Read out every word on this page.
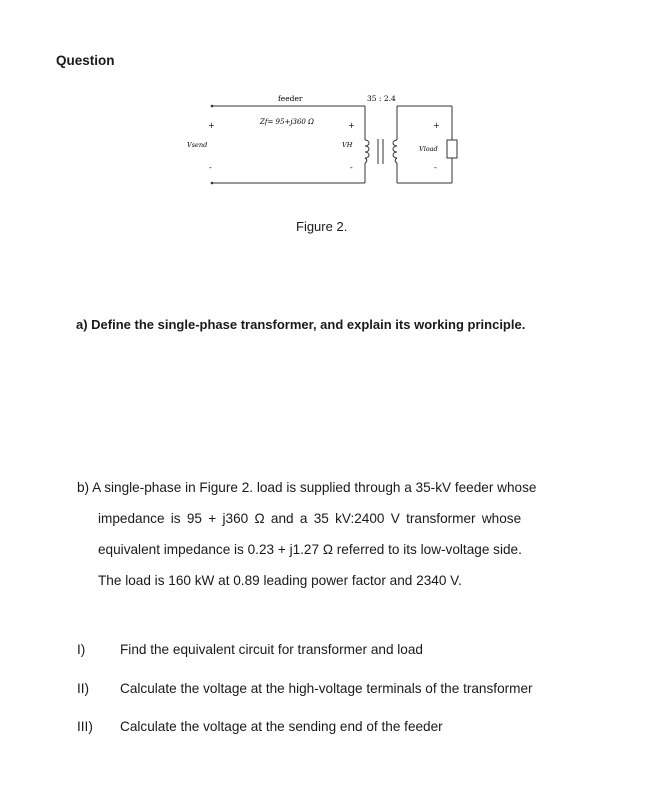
Question
feeder
Zf= 95+j360 Ω
35 : 2.4
+
Vsend
-
+
VH
-
+
Vload
-
Figure 2.
a) Define the single-phase transformer, and explain its working principle.
b) A single-phase in Figure 2. load is supplied through a 35-kV feeder whose
impedance is 95 + j360 Ω and a 35 kV:2400 V transformer whose
equivalent impedance is 0.23 + j1.27 Ω referred to its low-voltage side.
The load is 160 kW at 0.89 leading power factor and 2340 V.
I)	Find the equivalent circuit for transformer and load
II) Calculate the voltage at the high-voltage terminals of the transformer
III) Calculate the voltage at the sending end of the feeder
